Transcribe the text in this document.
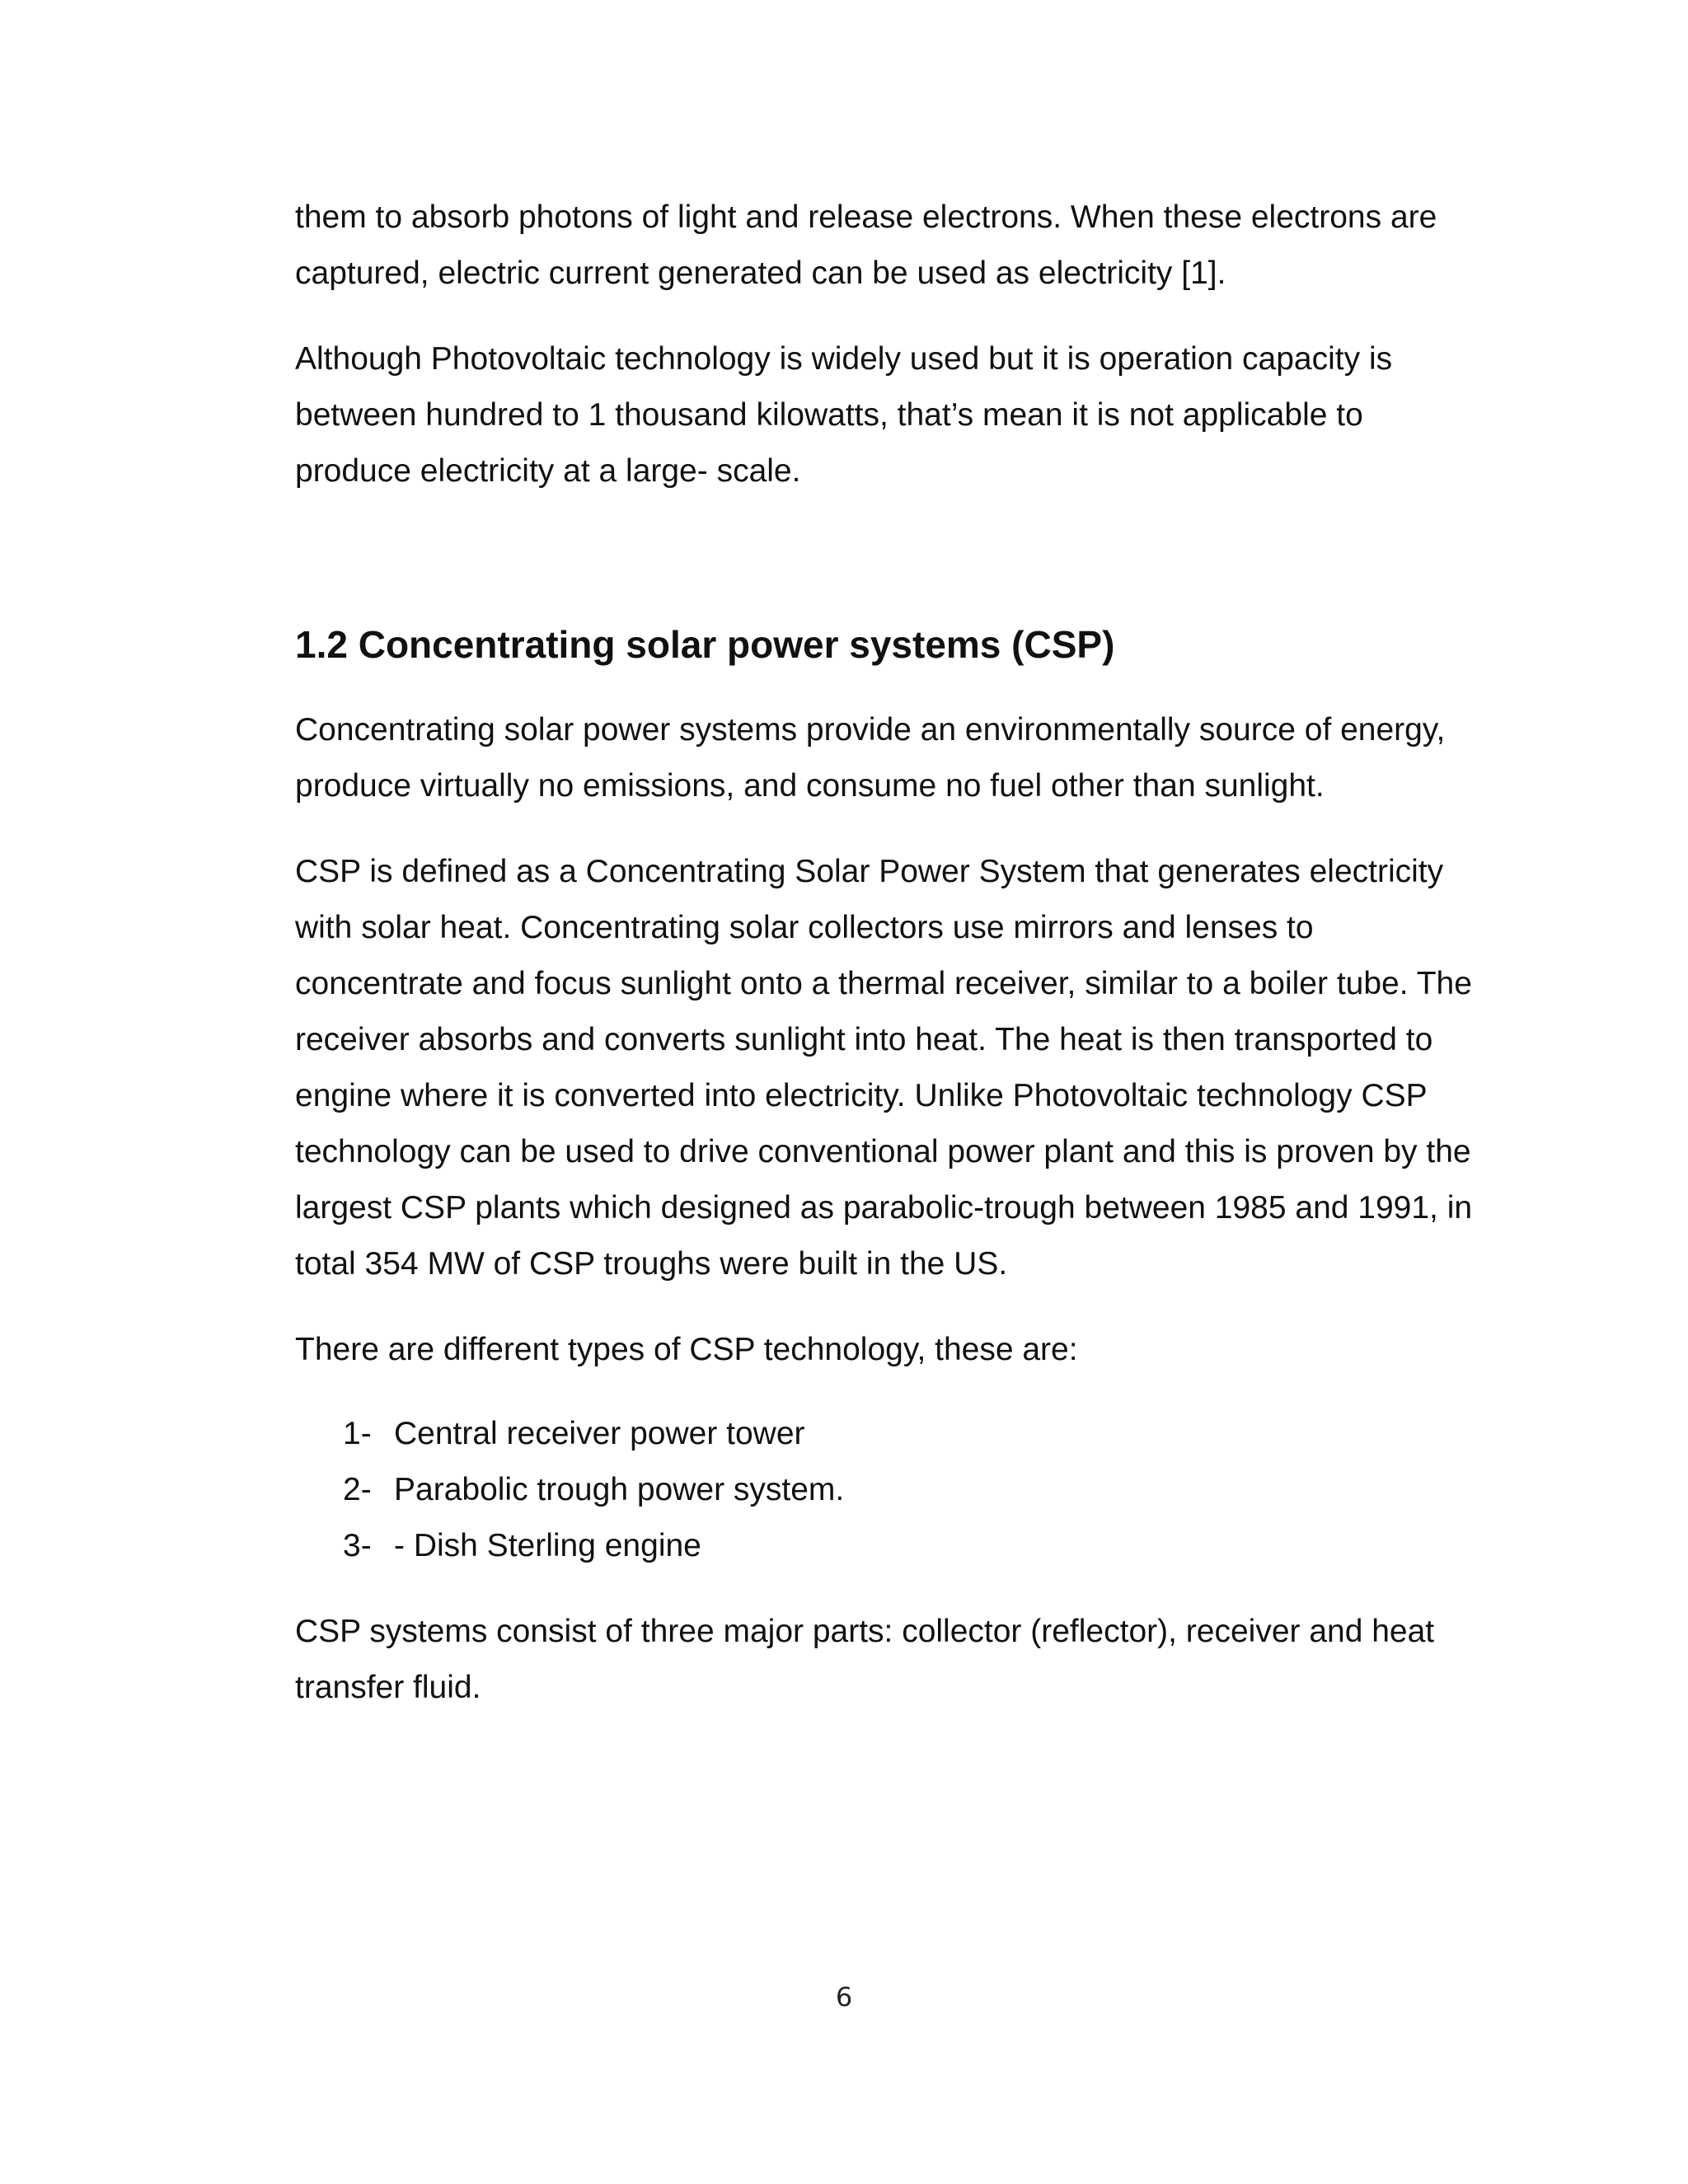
them to absorb photons of light and release electrons. When these electrons are captured, electric current generated can be used as electricity [1].

Although Photovoltaic technology is widely used but it is operation capacity is between hundred to 1 thousand kilowatts, that’s mean it is not applicable to produce electricity at a large- scale.

1.2 Concentrating solar power systems (CSP)

Concentrating solar power systems provide an environmentally source of energy, produce virtually no emissions, and consume no fuel other than sunlight.

CSP is defined as a Concentrating Solar Power System that generates electricity with solar heat. Concentrating solar collectors use mirrors and lenses to concentrate and focus sunlight onto a thermal receiver, similar to a boiler tube. The receiver absorbs and converts sunlight into heat. The heat is then transported to engine where it is converted into electricity. Unlike Photovoltaic technology CSP technology can be used to drive conventional power plant and this is proven by the largest CSP plants which designed as parabolic-trough between 1985 and 1991, in total 354 MW of CSP troughs were built in the US.

There are different types of CSP technology, these are:

1- Central receiver power tower
2- Parabolic trough power system.
3- - Dish Sterling engine

CSP systems consist of three major parts: collector (reflector), receiver and heat transfer fluid.

6
